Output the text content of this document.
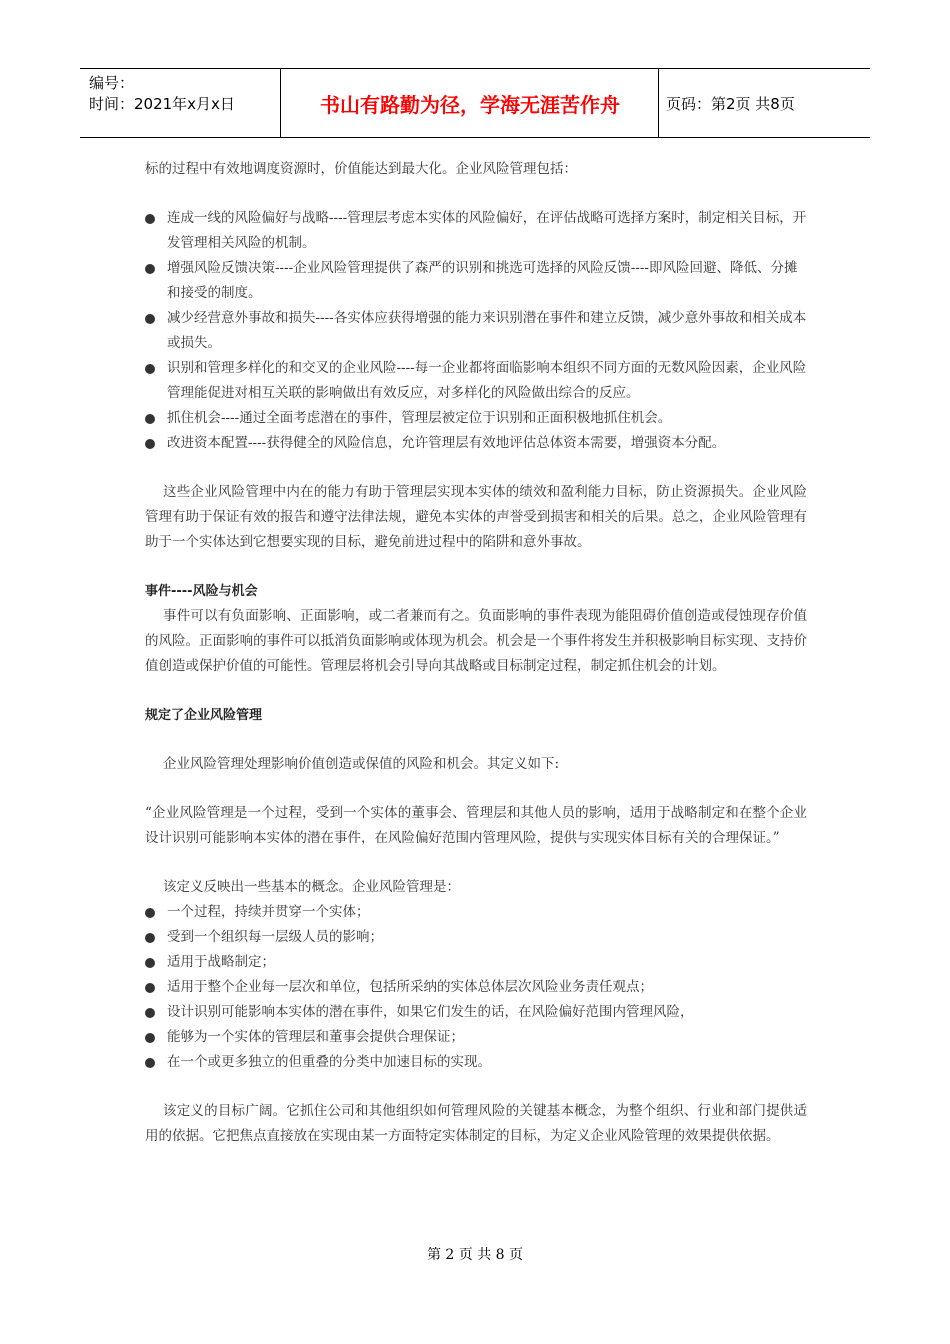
编号：
时间：2021年x月x日	书山有路勤为径，学海无涯苦作舟	页码：第2页 共8页

标的过程中有效地调度资源时，价值能达到最大化。企业风险管理包括：

连成一线的风险偏好与战略----管理层考虑本实体的风险偏好，在评估战略可选择方案时，制定相关目标，开发管理相关风险的机制。
增强风险反馈决策----企业风险管理提供了森严的识别和挑选可选择的风险反馈----即风险回避、降低、分摊和接受的制度。
减少经营意外事故和损失----各实体应获得增强的能力来识别潜在事件和建立反馈，减少意外事故和相关成本或损失。
识别和管理多样化的和交叉的企业风险----每一企业都将面临影响本组织不同方面的无数风险因素，企业风险管理能促进对相互关联的影响做出有效反应，对多样化的风险做出综合的反应。
抓住机会----通过全面考虑潜在的事件，管理层被定位于识别和正面积极地抓住机会。
改进资本配置----获得健全的风险信息，允许管理层有效地评估总体资本需要，增强资本分配。

这些企业风险管理中内在的能力有助于管理层实现本实体的绩效和盈利能力目标，防止资源损失。企业风险管理有助于保证有效的报告和遵守法律法规，避免本实体的声誉受到损害和相关的后果。总之，企业风险管理有助于一个实体达到它想要实现的目标，避免前进过程中的陷阱和意外事故。

事件----风险与机会

事件可以有负面影响、正面影响，或二者兼而有之。负面影响的事件表现为能阻碍价值创造或侵蚀现存价值的风险。正面影响的事件可以抵消负面影响或体现为机会。机会是一个事件将发生并积极影响目标实现、支持价值创造或保护价值的可能性。管理层将机会引导向其战略或目标制定过程，制定抓住机会的计划。

规定了企业风险管理

企业风险管理处理影响价值创造或保值的风险和机会。其定义如下:

“企业风险管理是一个过程，受到一个实体的董事会、管理层和其他人员的影响，适用于战略制定和在整个企业设计识别可能影响本实体的潜在事件，在风险偏好范围内管理风险，提供与实现实体目标有关的合理保证。”

该定义反映出一些基本的概念。企业风险管理是：

一个过程，持续并贯穿一个实体；
受到一个组织每一层级人员的影响；
适用于战略制定；
适用于整个企业每一层次和单位，包括所采纳的实体总体层次风险业务责任观点；
设计识别可能影响本实体的潜在事件，如果它们发生的话，在风险偏好范围内管理风险，
能够为一个实体的管理层和董事会提供合理保证；
在一个或更多独立的但重叠的分类中加速目标的实现。

该定义的目标广阔。它抓住公司和其他组织如何管理风险的关键基本概念，为整个组织、行业和部门提供适用的依据。它把焦点直接放在实现由某一方面特定实体制定的目标，为定义企业风险管理的效果提供依据。

第 2 页 共 8 页
